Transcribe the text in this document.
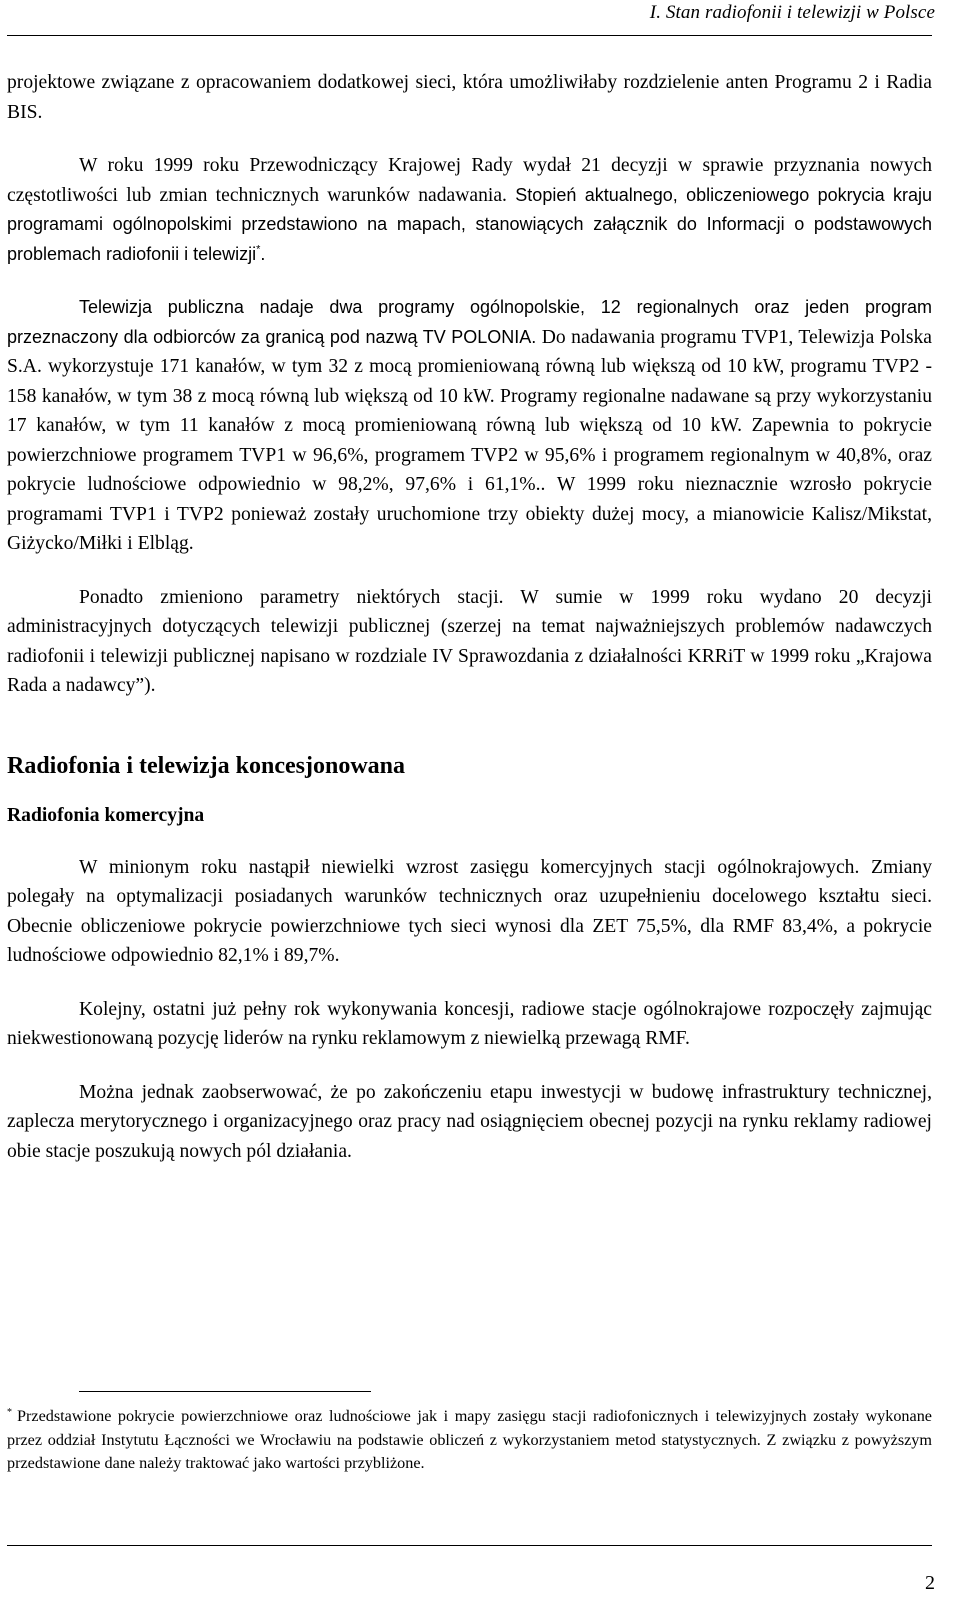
I. Stan radiofonii i telewizji w Polsce

projektowe związane z opracowaniem dodatkowej sieci, która umożliwiłaby rozdzielenie anten Programu 2 i Radia BIS.

W roku 1999 roku Przewodniczący Krajowej Rady wydał 21 decyzji w sprawie przyznania nowych częstotliwości lub zmian technicznych warunków nadawania. Stopień aktualnego, obliczeniowego pokrycia kraju programami ogólnopolskimi przedstawiono na mapach, stanowiących załącznik do Informacji o podstawowych problemach radiofonii i telewizji*.

Telewizja publiczna nadaje dwa programy ogólnopolskie, 12 regionalnych oraz jeden program przeznaczony dla odbiorców za granicą pod nazwą TV POLONIA. Do nadawania programu TVP1, Telewizja Polska S.A. wykorzystuje 171 kanałów, w tym 32 z mocą promieniowaną równą lub większą od 10 kW, programu TVP2 - 158 kanałów, w tym 38 z mocą równą lub większą od 10 kW. Programy regionalne nadawane są przy wykorzystaniu 17 kanałów, w tym 11 kanałów z mocą promieniowaną równą lub większą od 10 kW. Zapewnia to pokrycie powierzchniowe programem TVP1 w 96,6%, programem TVP2 w 95,6% i programem regionalnym w 40,8%, oraz pokrycie ludnościowe odpowiednio w 98,2%, 97,6% i 61,1%.. W 1999 roku nieznacznie wzrosło pokrycie programami TVP1 i TVP2 ponieważ zostały uruchomione trzy obiekty dużej mocy, a mianowicie Kalisz/Mikstat, Giżycko/Miłki i Elbląg.

Ponadto zmieniono parametry niektórych stacji. W sumie w 1999 roku wydano 20 decyzji administracyjnych dotyczących telewizji publicznej (szerzej na temat najważniejszych problemów nadawczych radiofonii i telewizji publicznej napisano w rozdziale IV Sprawozdania z działalności KRRiT w 1999 roku „Krajowa Rada a nadawcy”).

Radiofonia i telewizja koncesjonowana
Radiofonia komercyjna

W minionym roku nastąpił niewielki wzrost zasięgu komercyjnych stacji ogólnokrajowych. Zmiany polegały na optymalizacji posiadanych warunków technicznych oraz uzupełnieniu docelowego kształtu sieci. Obecnie obliczeniowe pokrycie powierzchniowe tych sieci wynosi dla ZET 75,5%, dla RMF 83,4%, a pokrycie ludnościowe odpowiednio 82,1% i 89,7%.

Kolejny, ostatni już pełny rok wykonywania koncesji, radiowe stacje ogólnokrajowe rozpoczęły zajmując niekwestionowaną pozycję liderów na rynku reklamowym z niewielką przewagą RMF.

Można jednak zaobserwować, że po zakończeniu etapu inwestycji w budowę infrastruktury technicznej, zaplecza merytorycznego i organizacyjnego oraz pracy nad osiągnięciem obecnej pozycji na rynku reklamy radiowej obie stacje poszukują nowych pól działania.

* Przedstawione pokrycie powierzchniowe oraz ludnościowe jak i mapy zasięgu stacji radiofonicznych i telewizyjnych zostały wykonane przez oddział Instytutu Łączności we Wrocławiu na podstawie obliczeń z wykorzystaniem metod statystycznych. Z związku z powyższym przedstawione dane należy traktować jako wartości przybliżone.
2
